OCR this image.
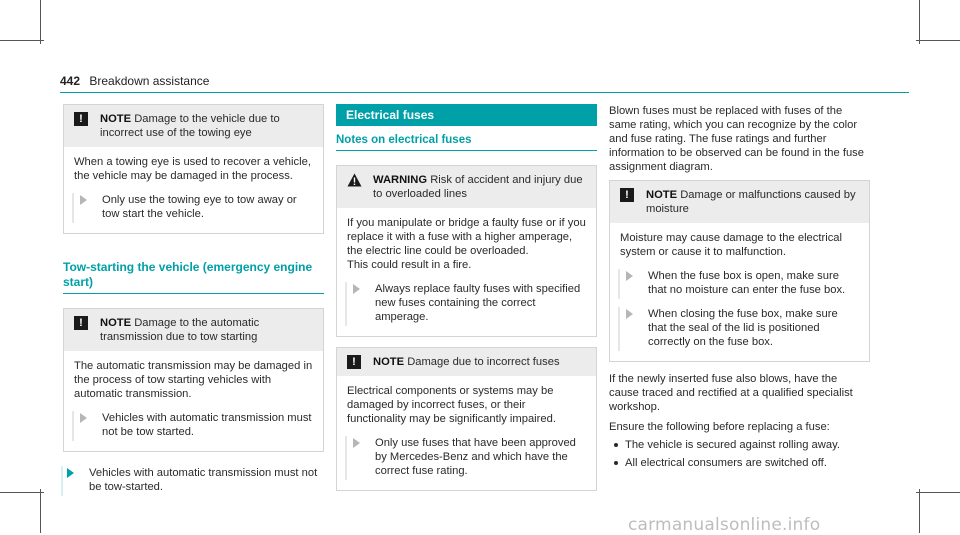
442 Breakdown assistance
!	NOTE Damage to the vehicle due to incorrect use of the towing eye

When a towing eye is used to recover a vehicle, the vehicle may be damaged in the process.

Only use the towing eye to tow away or tow start the vehicle.
Tow-starting the vehicle (emergency engine start)
!	NOTE Damage to the automatic transmission due to tow starting

The automatic transmission may be damaged in the process of tow starting vehicles with automatic transmission.

Vehicles with automatic transmission must not be tow started.
Vehicles with automatic transmission must not be tow-started.
Electrical fuses
Notes on electrical fuses
WARNING Risk of accident and injury due to overloaded lines

If you manipulate or bridge a faulty fuse or if you replace it with a fuse with a higher amperage, the electric line could be overloaded.

This could result in a fire.

Always replace faulty fuses with specified new fuses containing the correct amperage.
!	NOTE Damage due to incorrect fuses

Electrical components or systems may be damaged by incorrect fuses, or their functionality may be significantly impaired.

Only use fuses that have been approved by Mercedes-Benz and which have the correct fuse rating.

Blown fuses must be replaced with fuses of the same rating, which you can recognize by the color and fuse rating. The fuse ratings and further information to be observed can be found in the fuse assignment diagram.

!	NOTE Damage or malfunctions caused by moisture

Moisture may cause damage to the electrical system or cause it to malfunction.

When the fuse box is open, make sure that no moisture can enter the fuse box.
When closing the fuse box, make sure that the seal of the lid is positioned correctly on the fuse box.

If the newly inserted fuse also blows, have the cause traced and rectified at a qualified specialist workshop.

Ensure the following before replacing a fuse:

The vehicle is secured against rolling away.
All electrical consumers are switched off.
carmanualsonline.info
